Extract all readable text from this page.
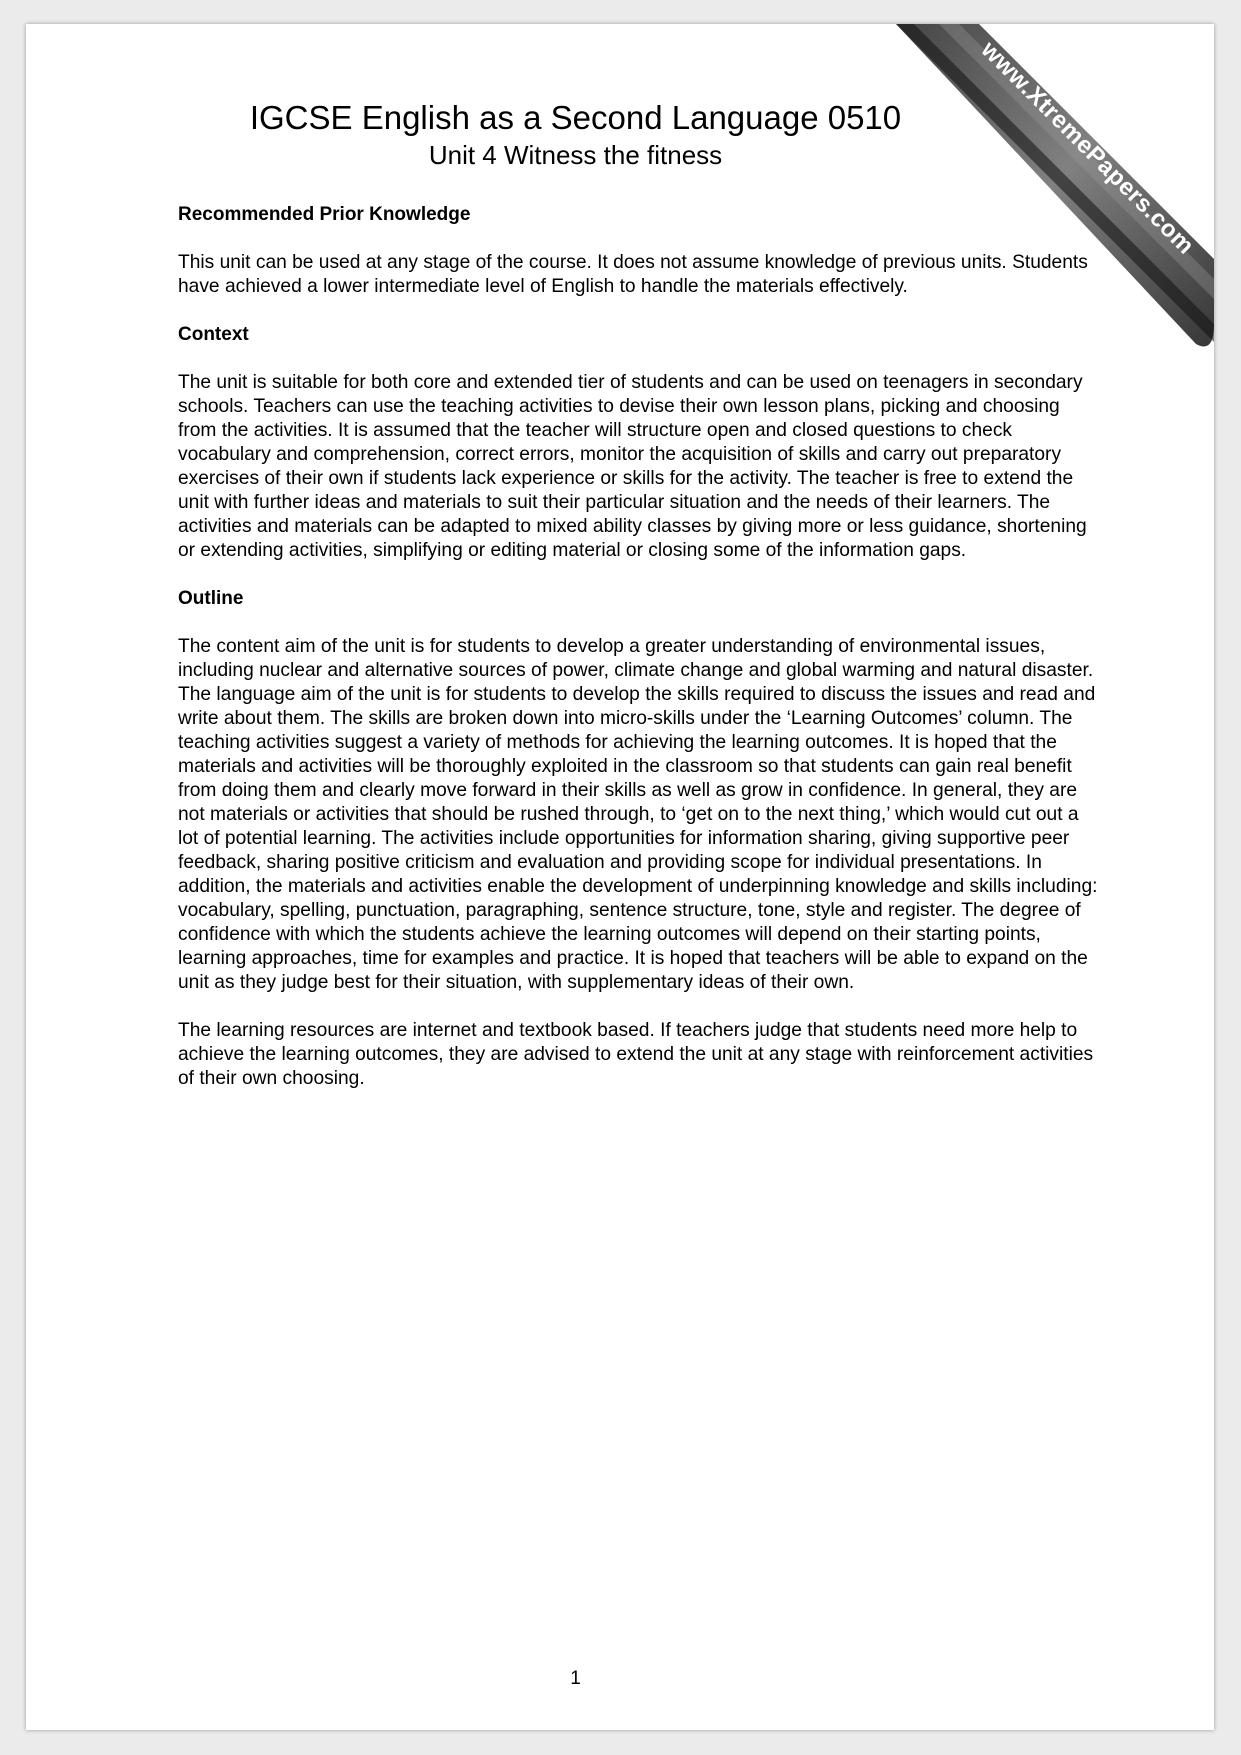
www.XtremePapers.com
IGCSE English as a Second Language 0510
Unit 4 Witness the fitness
Recommended Prior Knowledge

This unit can be used at any stage of the course. It does not assume knowledge of previous units. Students have achieved a lower intermediate level of English to handle the materials effectively.

Context

The unit is suitable for both core and extended tier of students and can be used on teenagers in secondary schools. Teachers can use the teaching activities to devise their own lesson plans, picking and choosing from the activities. It is assumed that the teacher will structure open and closed questions to check vocabulary and comprehension, correct errors, monitor the acquisition of skills and carry out preparatory exercises of their own if students lack experience or skills for the activity. The teacher is free to extend the unit with further ideas and materials to suit their particular situation and the needs of their learners. The activities and materials can be adapted to mixed ability classes by giving more or less guidance, shortening or extending activities, simplifying or editing material or closing some of the information gaps.

Outline

The content aim of the unit is for students to develop a greater understanding of environmental issues, including nuclear and alternative sources of power, climate change and global warming and natural disaster.

The language aim of the unit is for students to develop the skills required to discuss the issues and read and write about them. The skills are broken down into micro-skills under the ‘Learning Outcomes’ column. The teaching activities suggest a variety of methods for achieving the learning outcomes. It is hoped that the materials and activities will be thoroughly exploited in the classroom so that students can gain real benefit from doing them and clearly move forward in their skills as well as grow in confidence. In general, they are not materials or activities that should be rushed through, to ‘get on to the next thing,’ which would cut out a lot of potential learning. The activities include opportunities for information sharing, giving supportive peer feedback, sharing positive criticism and evaluation and providing scope for individual presentations. In addition, the materials and activities enable the development of underpinning knowledge and skills including: vocabulary, spelling, punctuation, paragraphing, sentence structure, tone, style and register. The degree of confidence with which the students achieve the learning outcomes will depend on their starting points, learning approaches, time for examples and practice. It is hoped that teachers will be able to expand on the unit as they judge best for their situation, with supplementary ideas of their own.

The learning resources are internet and textbook based. If teachers judge that students need more help to achieve the learning outcomes, they are advised to extend the unit at any stage with reinforcement activities of their own choosing.

1
